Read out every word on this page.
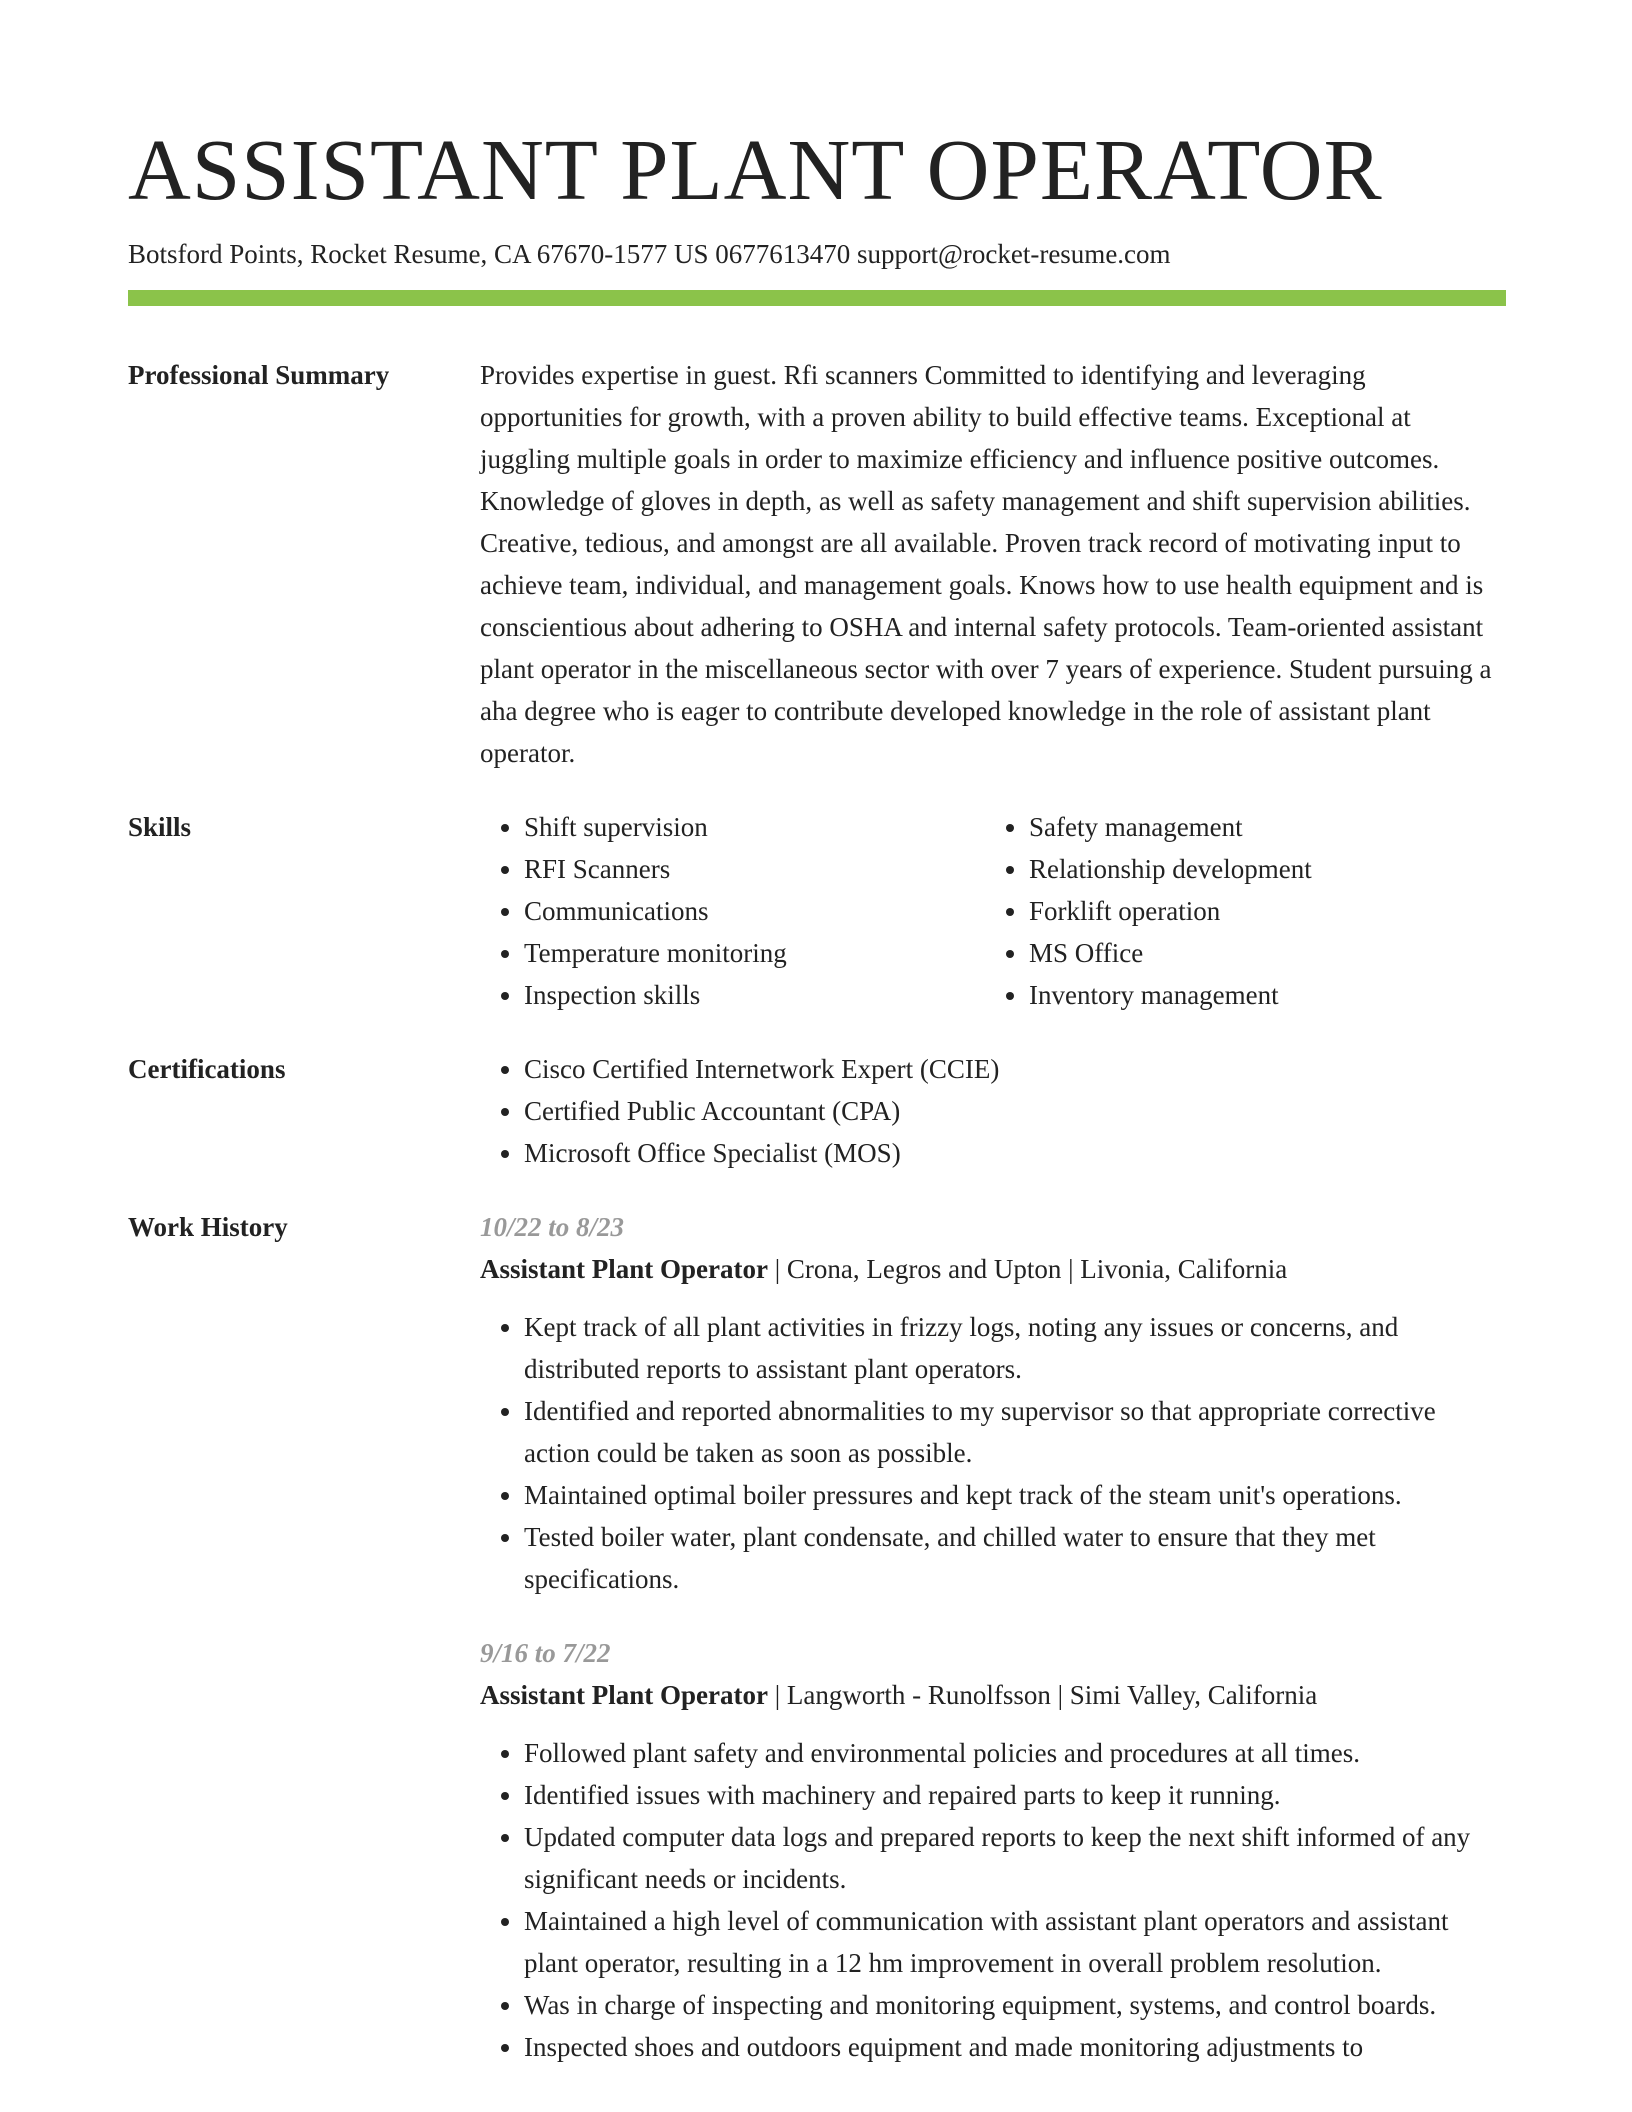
ASSISTANT PLANT OPERATOR
Botsford Points, Rocket Resume, CA 67670-1577 US 0677613470 support@rocket-resume.com
Professional Summary	Provides expertise in guest. Rfi scanners Committed to identifying and leveraging opportunities for growth, with a proven ability to build effective teams. Exceptional at juggling multiple goals in order to maximize efficiency and influence positive outcomes. Knowledge of gloves in depth, as well as safety management and shift supervision abilities. Creative, tedious, and amongst are all available. Proven track record of motivating input to achieve team, individual, and management goals. Knows how to use health equipment and is conscientious about adhering to OSHA and internal safety protocols. Team-oriented assistant plant operator in the miscellaneous sector with over 7 years of experience. Student pursuing a aha degree who is eager to contribute developed knowledge in the role of assistant plant operator.

Skills	• Shift supervision
• RFI Scanners
• Communications
• Temperature monitoring
• Inspection skills
• Safety management
• Relationship development
• Forklift operation
• MS Office
• Inventory management
Certifications	• Cisco Certified Internetwork Expert (CCIE)
• Certified Public Accountant (CPA)
• Microsoft Office Specialist (MOS)
Work History	10/22 to 8/23
Assistant Plant Operator | Crona, Legros and Upton | Livonia, California
• Kept track of all plant activities in frizzy logs, noting any issues or concerns, and distributed reports to assistant plant operators.
• Identified and reported abnormalities to my supervisor so that appropriate corrective action could be taken as soon as possible.
• Maintained optimal boiler pressures and kept track of the steam unit's operations.
• Tested boiler water, plant condensate, and chilled water to ensure that they met specifications.
9/16 to 7/22
Assistant Plant Operator | Langworth - Runolfsson | Simi Valley, California
• Followed plant safety and environmental policies and procedures at all times.
• Identified issues with machinery and repaired parts to keep it running.
• Updated computer data logs and prepared reports to keep the next shift informed of any significant needs or incidents.
• Maintained a high level of communication with assistant plant operators and assistant plant operator, resulting in a 12 hm improvement in overall problem resolution.
• Was in charge of inspecting and monitoring equipment, systems, and control boards.
• Inspected shoes and outdoors equipment and made monitoring adjustments to
